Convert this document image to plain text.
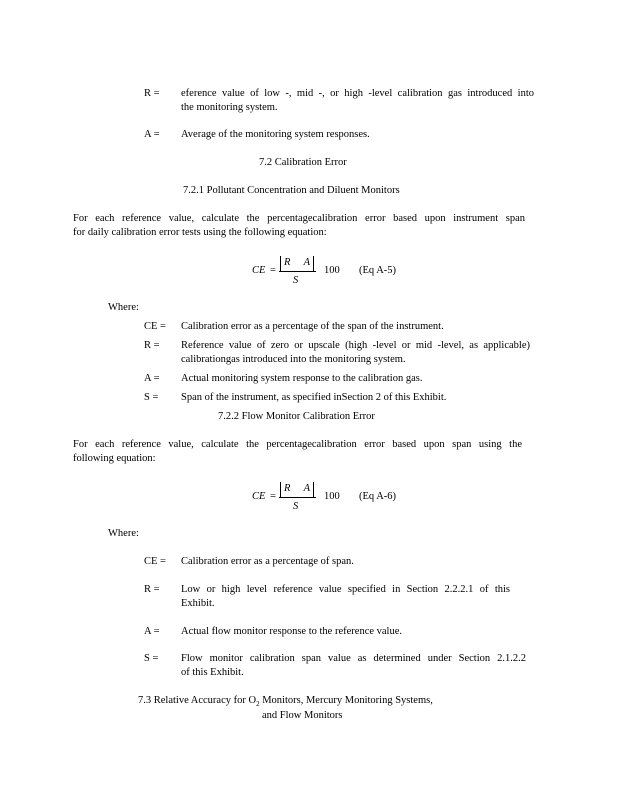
R = eference value of low -, mid -, or high -level calibration gas introduced into
the monitoring system.
A = Average of the monitoring system responses.
7.2 Calibration Error
7.2.1 Pollutant Concentration and Diluent Monitors
For each reference value, calculate the percentagecalibration error based upon instrument span
for daily calibration error tests using the following equation:
CE =
R   A
S
100 (Eq A-5)
Where:
CE = Calibration error as a percentage of the span of the instrument.
R = Reference value of zero or upscale (high -level or mid -level, as applicable)
calibrationgas introduced into the monitoring system.
A = Actual monitoring system response to the calibration gas.
S = Span of the instrument, as specified inSection 2 of this Exhibit.
7.2.2 Flow Monitor Calibration Error
For each reference value, calculate the percentagecalibration error based upon span using the
following equation:
CE =
R   A
S
100 (Eq A-6)
Where:
CE = Calibration error as a percentage of span.
R = Low or high level reference value specified in Section 2.2.2.1 of this
Exhibit.
A = Actual flow monitor response to the reference value.
S = Flow monitor calibration span value as determined under Section 2.1.2.2
of this Exhibit.
7.3 Relative Accuracy for $O_2$ Monitors, Mercury Monitoring Systems,
and Flow Monitors
